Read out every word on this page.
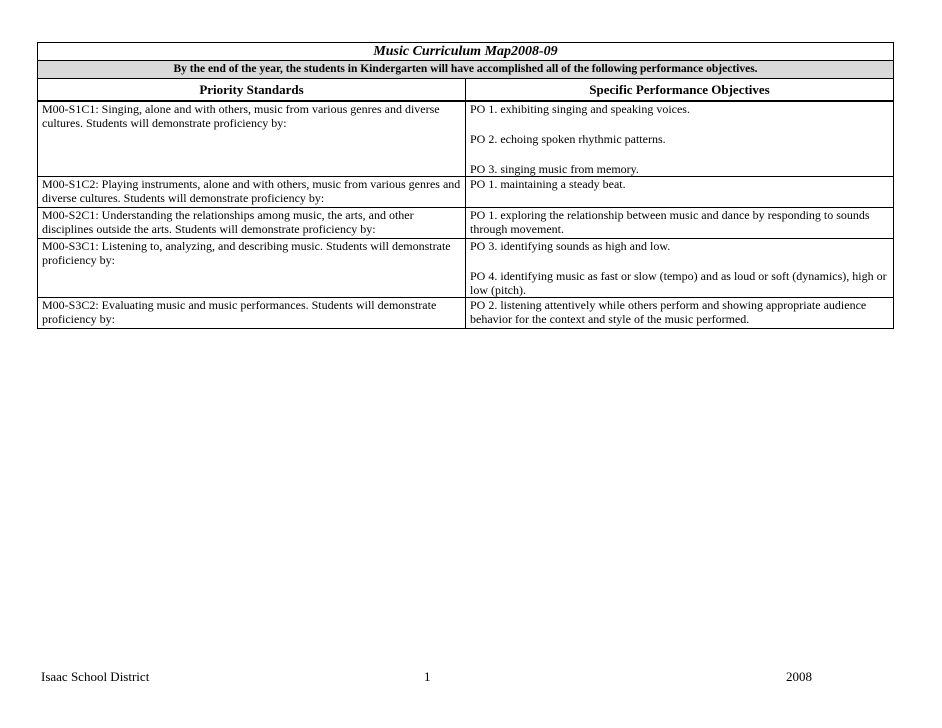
Music Curriculum Map2008-09	
By the end of the year, the students in Kindergarten will have accomplished all of the following performance objectives.	
Priority Standards	Specific Performance Objectives
M00-S1C1: Singing, alone and with others, music from various genres and diverse cultures. Students will demonstrate proficiency by:	PO 1. exhibiting singing and speaking voices.
PO 2. echoing spoken rhythmic patterns.
PO 3. singing music from memory.

M00-S1C2: Playing instruments, alone and with others, music from various genres and diverse cultures. Students will demonstrate proficiency by:	PO 1. maintaining a steady beat.

M00-S2C1: Understanding the relationships among music, the arts, and other disciplines outside the arts. Students will demonstrate proficiency by:	PO 1. exploring the relationship between music and dance by responding to sounds through movement.

M00-S3C1: Listening to, analyzing, and describing music. Students will demonstrate proficiency by:	PO 3. identifying sounds as high and low.
PO 4. identifying music as fast or slow (tempo) and as loud or soft (dynamics), high or low (pitch).

M00-S3C2: Evaluating music and music performances. Students will demonstrate proficiency by:	PO 2. listening attentively while others perform and showing appropriate audience behavior for the context and style of the music performed.
Isaac School District	1	2008
